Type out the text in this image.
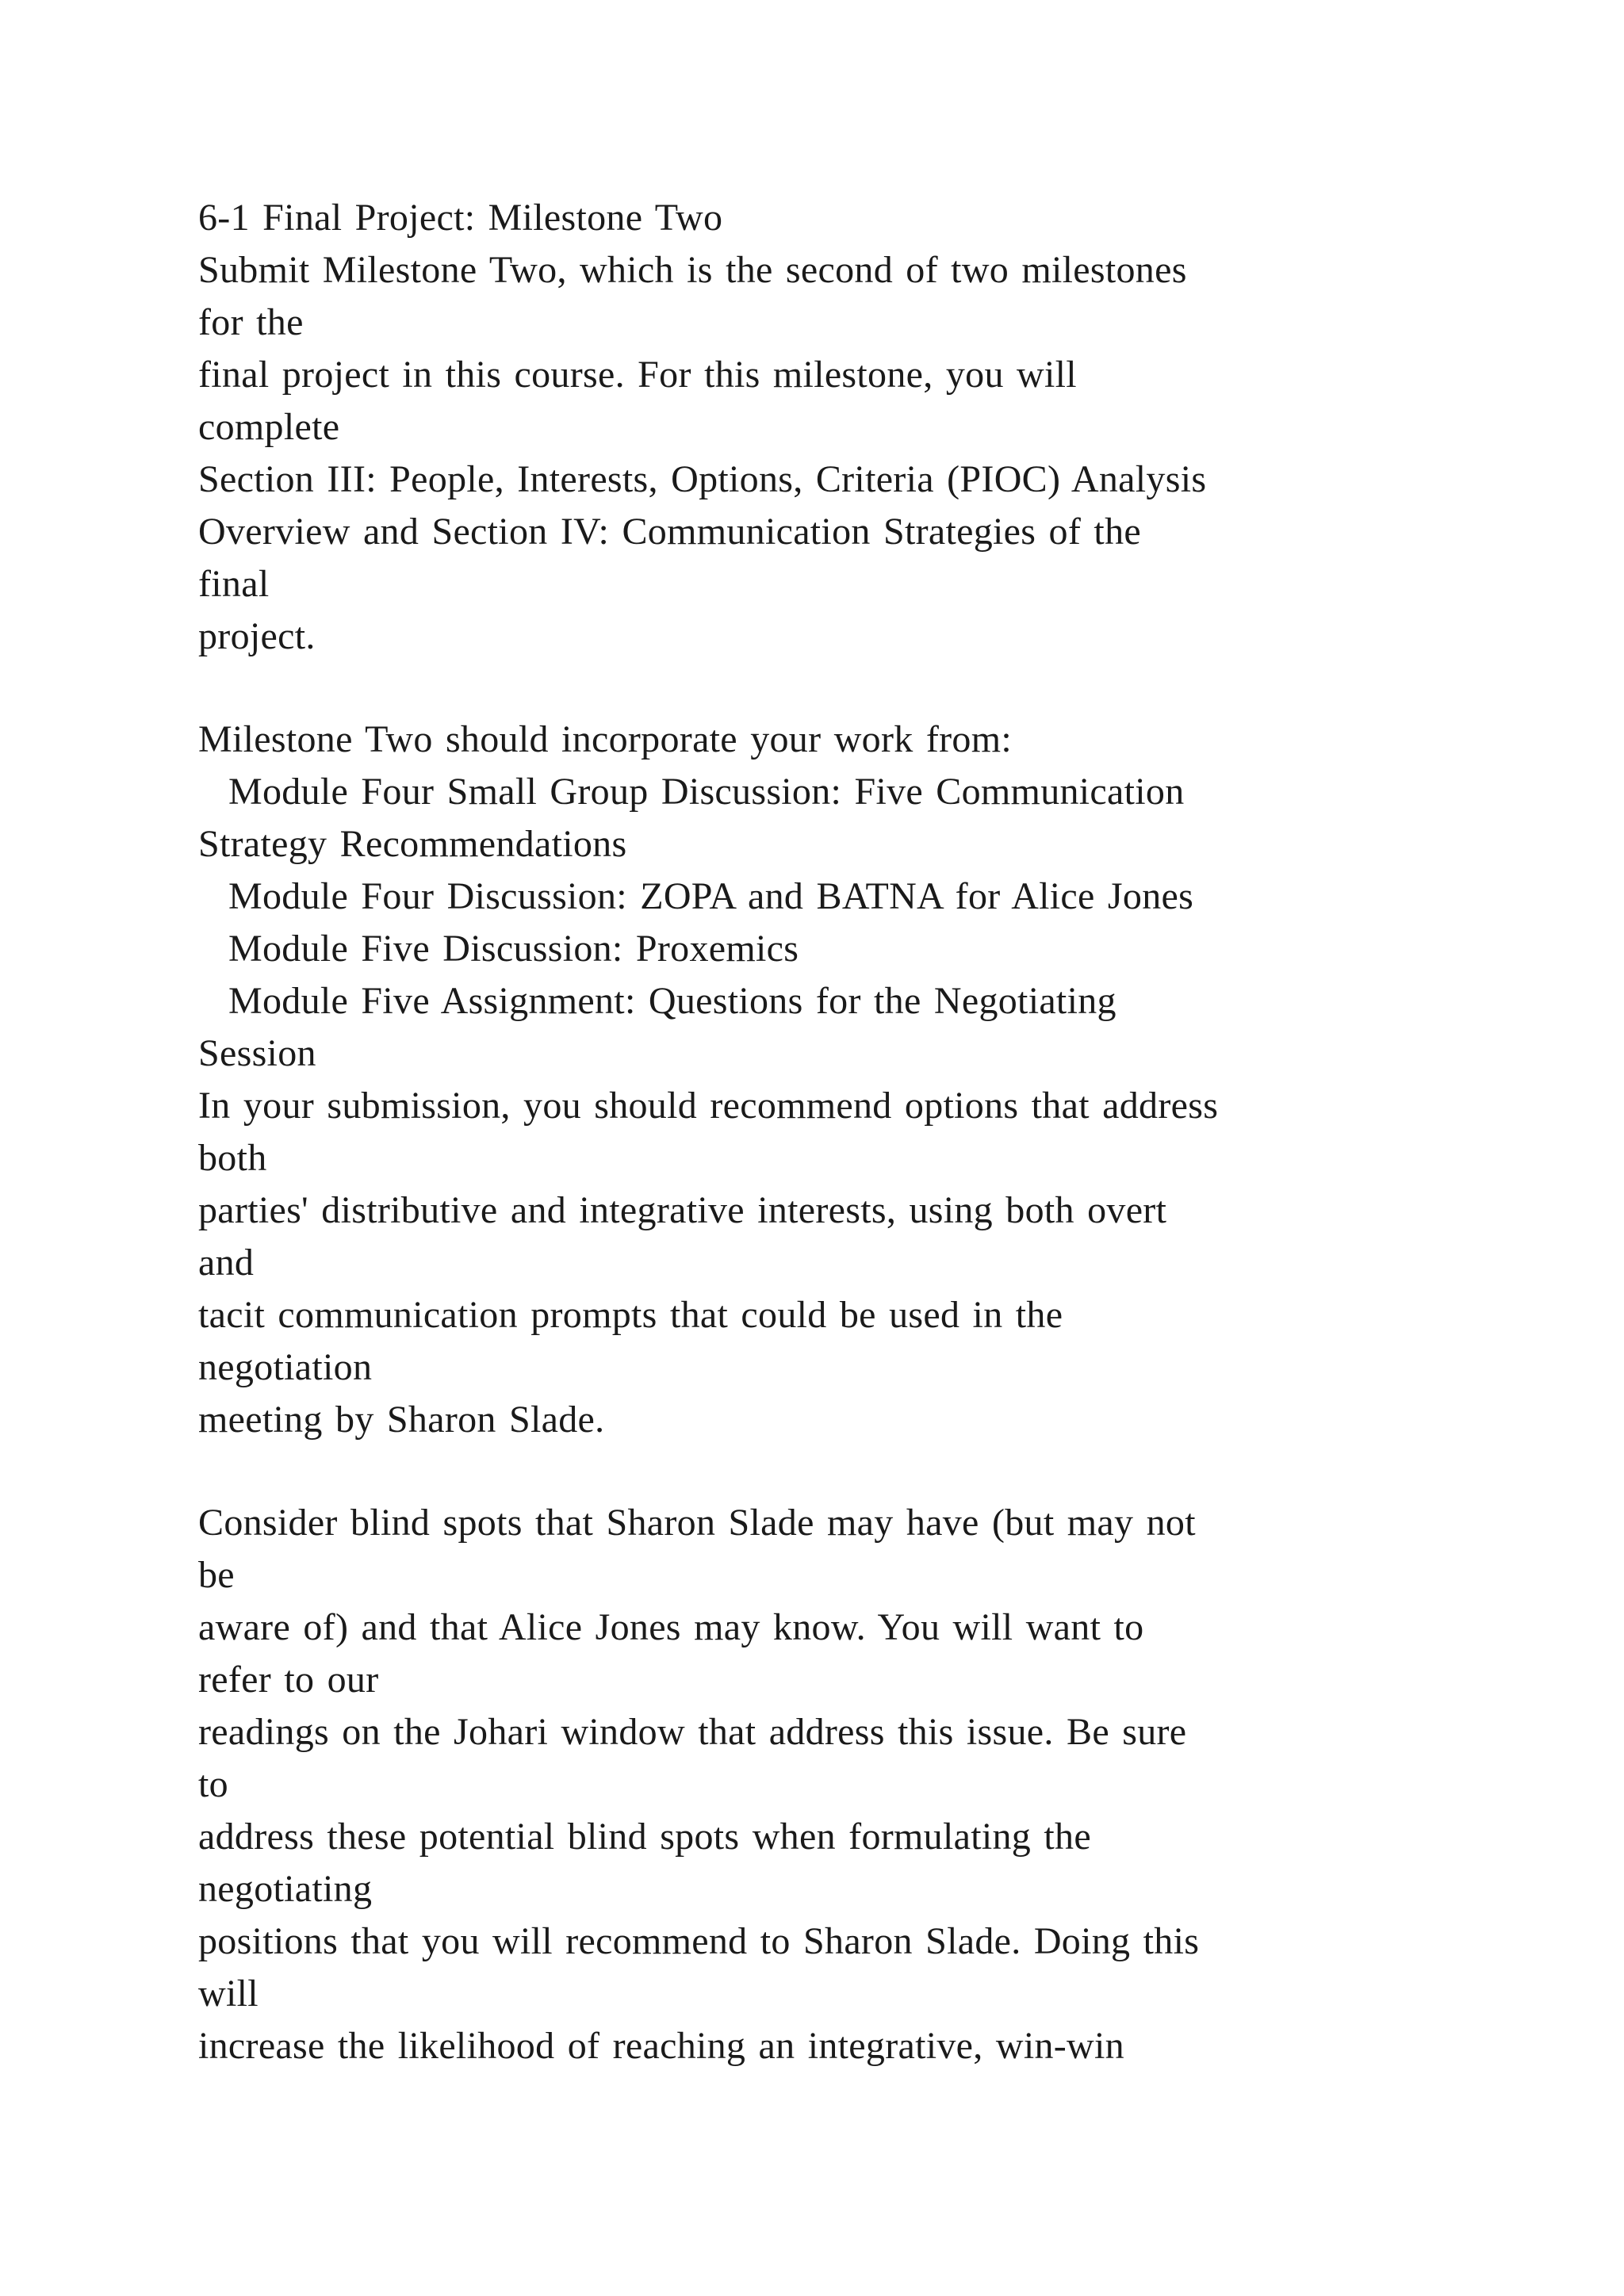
6-1 Final Project: Milestone Two
Submit Milestone Two, which is the second of two milestones
for the
final project in this course. For this milestone, you will
complete
Section III: People, Interests, Options, Criteria (PIOC) Analysis
Overview and Section IV: Communication Strategies of the
final
project.
Milestone Two should incorporate your work from:
Module Four Small Group Discussion: Five Communication
Strategy Recommendations
Module Four Discussion: ZOPA and BATNA for Alice Jones
Module Five Discussion: Proxemics
Module Five Assignment: Questions for the Negotiating
Session
In your submission, you should recommend options that address
both
parties' distributive and integrative interests, using both overt
and
tacit communication prompts that could be used in the
negotiation
meeting by Sharon Slade.
Consider blind spots that Sharon Slade may have (but may not
be
aware of) and that Alice Jones may know. You will want to
refer to our
readings on the Johari window that address this issue. Be sure
to
address these potential blind spots when formulating the
negotiating
positions that you will recommend to Sharon Slade. Doing this
will
increase the likelihood of reaching an integrative, win-win
